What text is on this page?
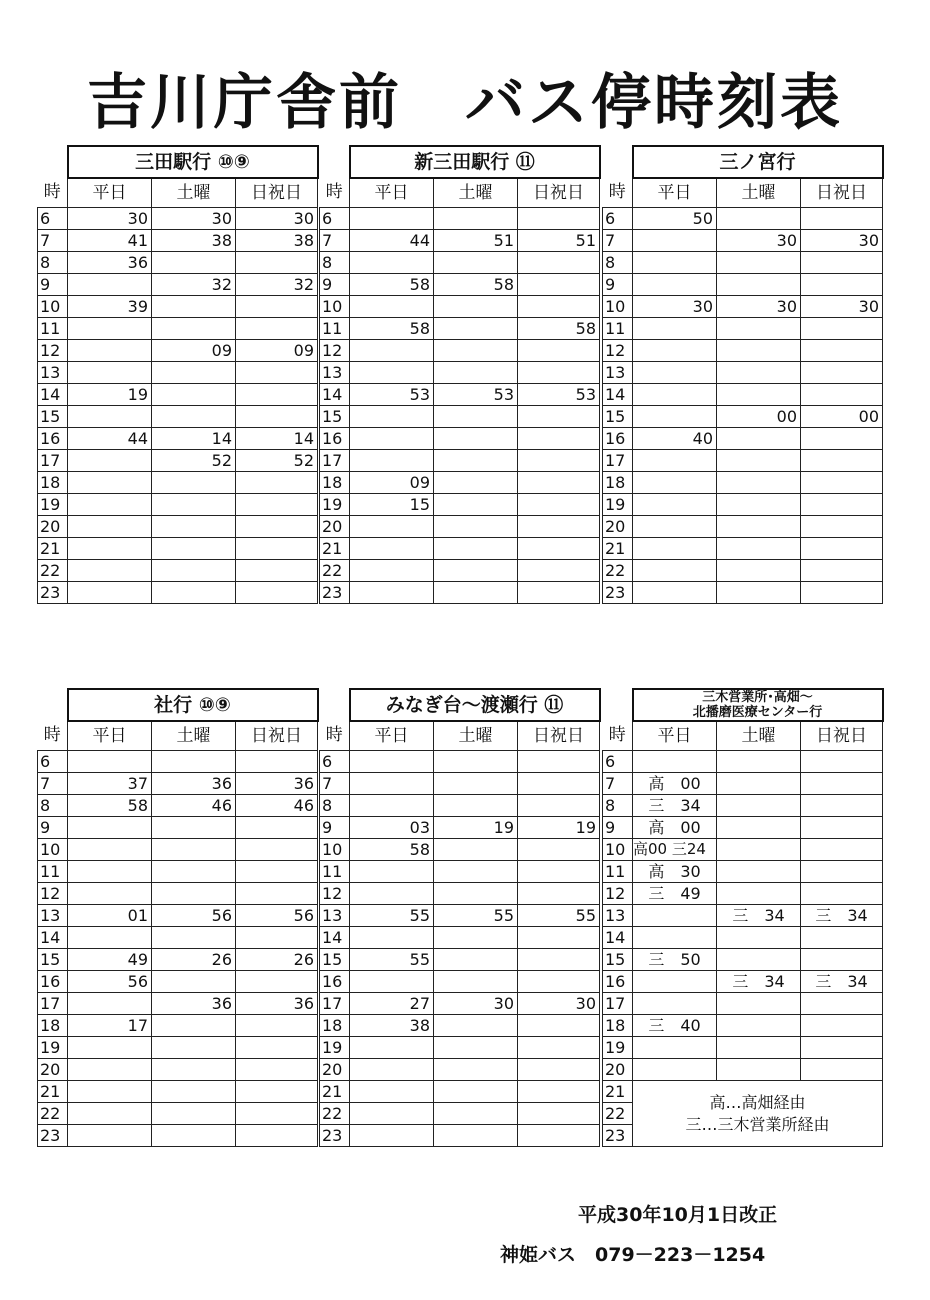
吉川庁舎前　バス停時刻表
	三田駅行 ⑩⑨		
時	平日	土曜	日祝日
6	30	30	30
7	41	38	38
8	36		
9		32	32
10	39		
11			
12		09	09
13			
14	19		
15			
16	44	14	14
17		52	52
18			
19			
20			
21			
22			
23			
	新三田駅行 ⑪		
時	平日	土曜	日祝日
6			
7	44	51	51
8			
9	58	58	
10			
11	58		58
12			
13			
14	53	53	53
15			
16			
17			
18	09		
19	15		
20			
21			
22			
23			
	三ノ宮行		
時	平日	土曜	日祝日
6	50		
7		30	30
8			
9			
10	30	30	30
11			
12			
13			
14			
15		00	00
16	40		
17			
18			
19			
20			
21			
22			
23			
	社行 ⑩⑨		
時	平日	土曜	日祝日
6			
7	37	36	36
8	58	46	46
9			
10			
11			
12			
13	01	56	56
14			
15	49	26	26
16	56		
17		36	36
18	17		
19			
20			
21			
22			
23			
	みなぎ台～渡瀬行 ⑪		
時	平日	土曜	日祝日
6			
7			
8			
9	03	19	19
10	58		
11			
12			
13	55	55	55
14			
15	55		
16			
17	27	30	30
18	38		
19			
20			
21			
22			
23			
	三木営業所･高畑～
北播磨医療センター行		
時	平日	土曜	日祝日
6			
7	高　00		
8	三　34		
9	高　00		
10	高00 三24		
11	高　30		
12	三　49		
13		三　34	三　34
14			
15	三　50		
16		三　34	三　34
17			
18	三　40		
19			
20			
21	高…高畑経由
三…三木営業所経由		

22			
23			
平成30年10月1日改正
神姫バス　079－223－1254
